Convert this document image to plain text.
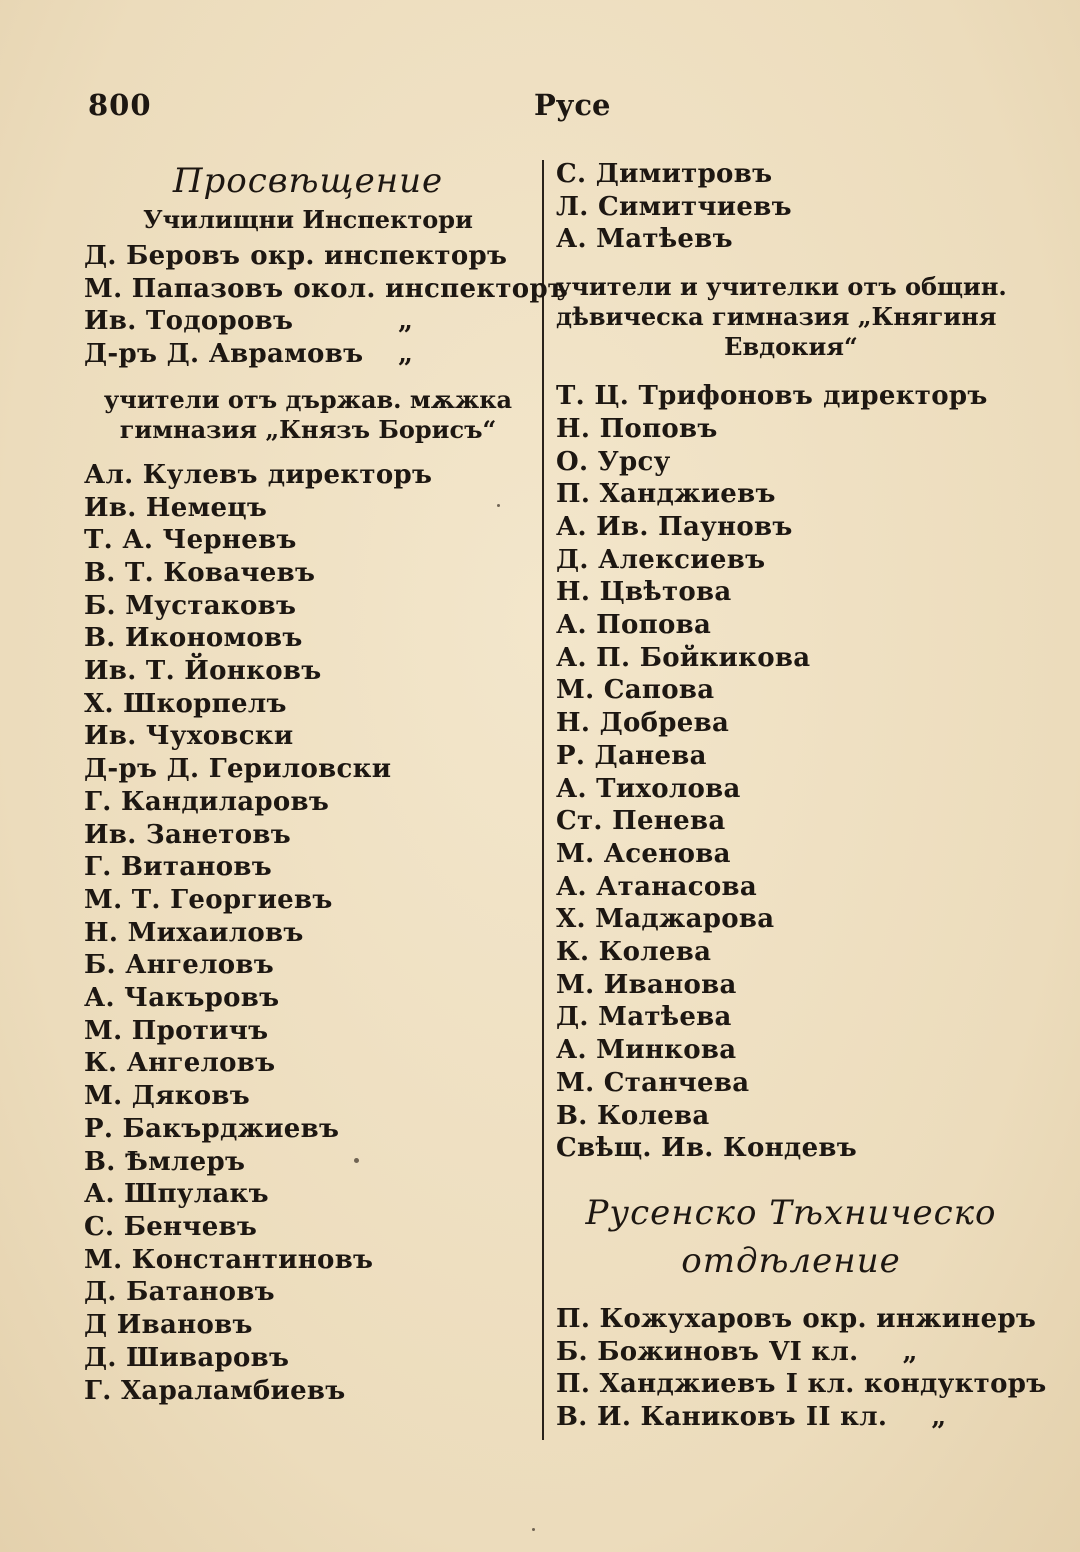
800	Русе
Просвѣщение
Училищни Инспектори
Д. Беровъ окр. инспекторъ
М. Папазовъ окол. инспекторъ
Ив. Тодоровъ	„
Д-ръ Д. Аврамовъ „
учители отъ държав. мѫжка гимназия „Князъ Борисъ“
Ал. Кулевъ директоръ
Ив. Немецъ
Т. А. Черневъ
В. Т. Ковачевъ
Б. Мустаковъ
В. Икономовъ
Ив. Т. Йонковъ
Х. Шкорпелъ
Ив. Чуховски
Д-ръ Д. Гериловски
Г. Кандиларовъ
Ив. Занетовъ
Г. Витановъ
М. Т. Георгиевъ
Н. Михаиловъ
Б. Ангеловъ
А. Чакъровъ
М. Протичъ
К. Ангеловъ
М. Дяковъ
Р. Бакърджиевъ
В. Ѣмлеръ
А. Шпулакъ
С. Бенчевъ
М. Константиновъ
Д. Батановъ
Д Ивановъ
Д. Шиваровъ
Г. Хараламбиевъ
С. Димитровъ
Л. Симитчиевъ
А. Матѣевъ
учители и учителки отъ общин.
дѣвическа гимназия „Княгиня
Евдокия“
Т. Ц. Трифоновъ директоръ
Н. Поповъ
О. Урсу
П. Ханджиевъ
А. Ив. Пауновъ
Д. Алексиевъ
Н. Цвѣтова
А. Попова
А. П. Бойкикова
М. Сапова
Н. Добрева
Р. Данева
А. Тихолова
Ст. Пенева
М. Асенова
А. Атанасова
Х. Маджарова
К. Колева
М. Иванова
Д. Матѣева
А. Минкова
М. Станчева
В. Колева
Свѣщ. Ив. Кондевъ
Русенско Тѣхническо
отдѣление
П. Кожухаровъ окр. инжинеръ
Б. Божиновъ VI кл. „
П. Ханджиевъ I кл. кондукторъ
В. И. Каниковъ II кл. „
